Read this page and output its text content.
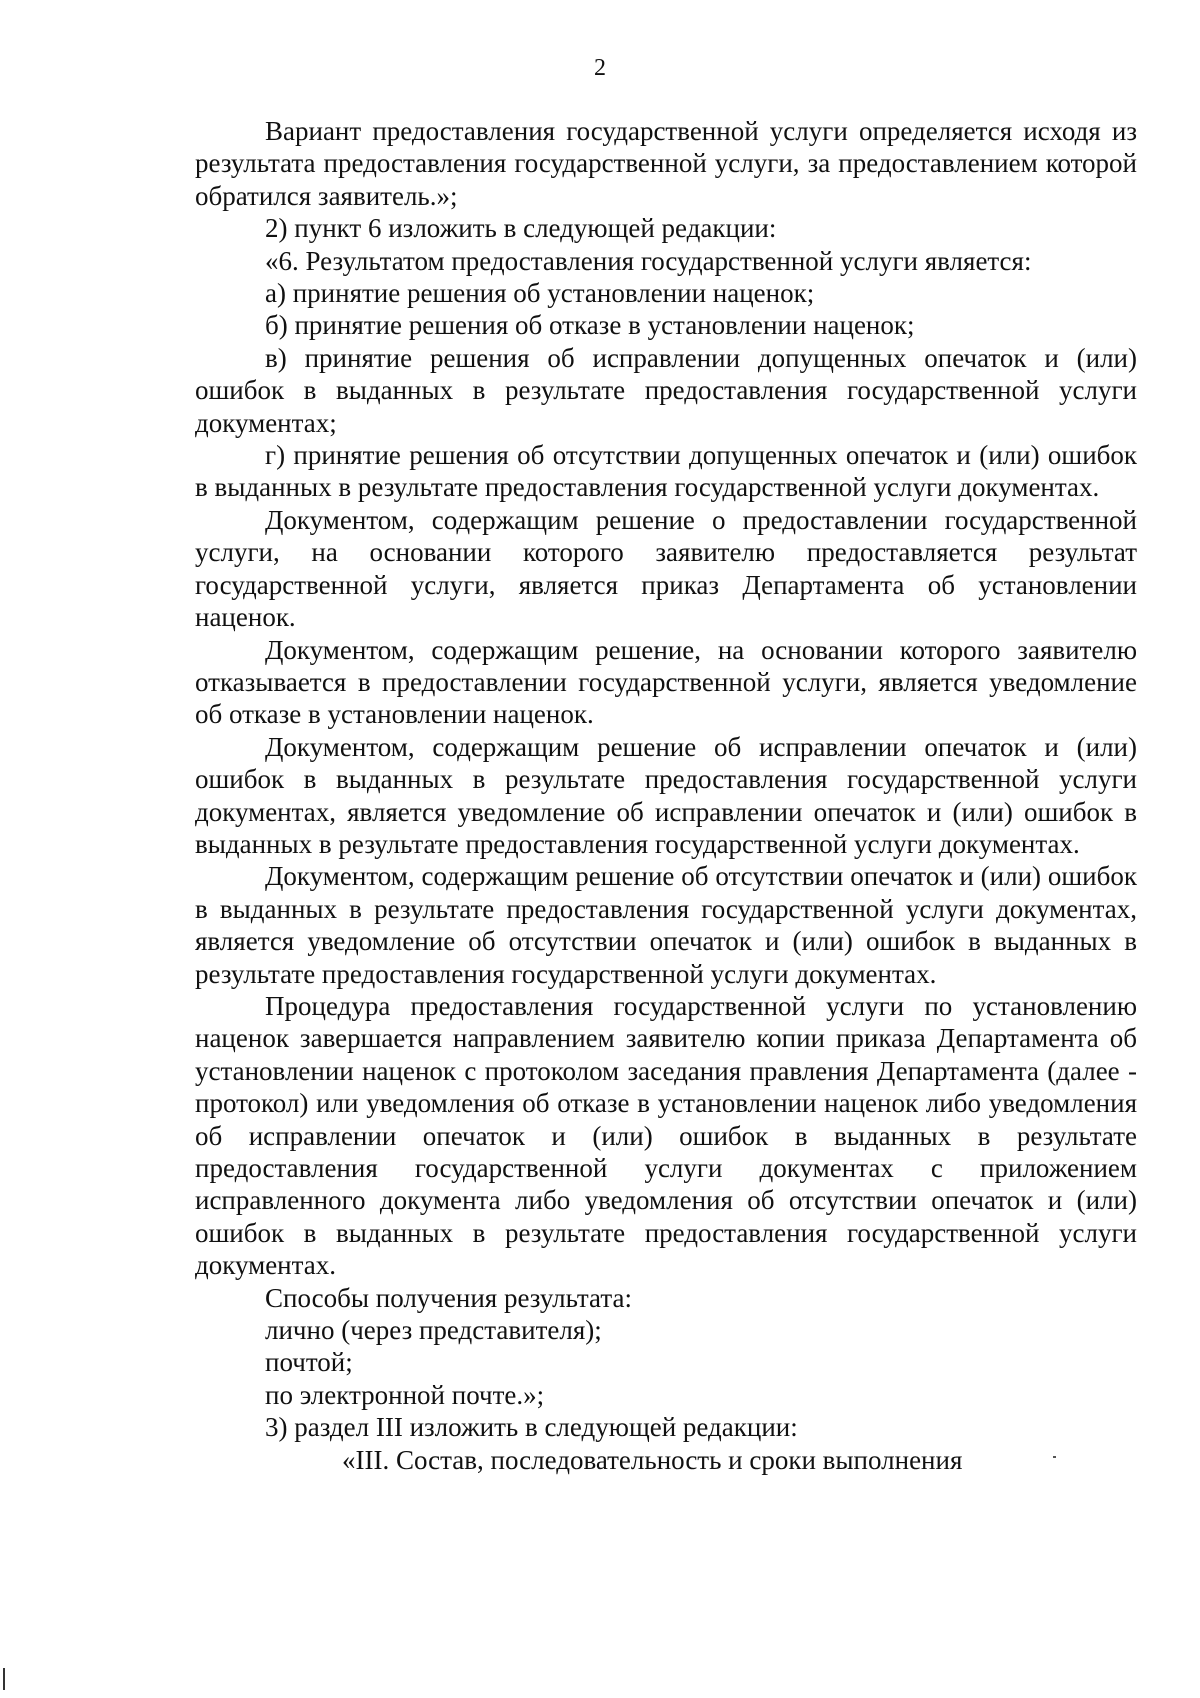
2

Вариант предоставления государственной услуги определяется исходя из результата предоставления государственной услуги, за предоставлением которой обратился заявитель.»;

2) пункт 6 изложить в следующей редакции:

«6. Результатом предоставления государственной услуги является:

а) принятие решения об установлении наценок;

б) принятие решения об отказе в установлении наценок;

в) принятие решения об исправлении допущенных опечаток и (или) ошибок в выданных в результате предоставления государственной услуги документах;

г) принятие решения об отсутствии допущенных опечаток и (или) ошибок в выданных в результате предоставления государственной услуги документах.

Документом, содержащим решение о предоставлении государственной услуги, на основании которого заявителю предоставляется результат государственной услуги, является приказ Департамента об установлении наценок.

Документом, содержащим решение, на основании которого заявителю отказывается в предоставлении государственной услуги, является уведомление об отказе в установлении наценок.

Документом, содержащим решение об исправлении опечаток и (или) ошибок в выданных в результате предоставления государственной услуги документах, является уведомление об исправлении опечаток и (или) ошибок в выданных в результате предоставления государственной услуги документах.

Документом, содержащим решение об отсутствии опечаток и (или) ошибок в выданных в результате предоставления государственной услуги документах, является уведомление об отсутствии опечаток и (или) ошибок в выданных в результате предоставления государственной услуги документах.

Процедура предоставления государственной услуги по установлению наценок завершается направлением заявителю копии приказа Департамента об установлении наценок с протоколом заседания правления Департамента (далее - протокол) или уведомления об отказе в установлении наценок либо уведомления об исправлении опечаток и (или) ошибок в выданных в результате предоставления государственной услуги документах с приложением исправленного документа либо уведомления об отсутствии опечаток и (или) ошибок в выданных в результате предоставления государственной услуги документах.

Способы получения результата:

лично (через представителя);

почтой;

по электронной почте.»;

3) раздел III изложить в следующей редакции:

«III. Состав, последовательность и сроки выполнения
